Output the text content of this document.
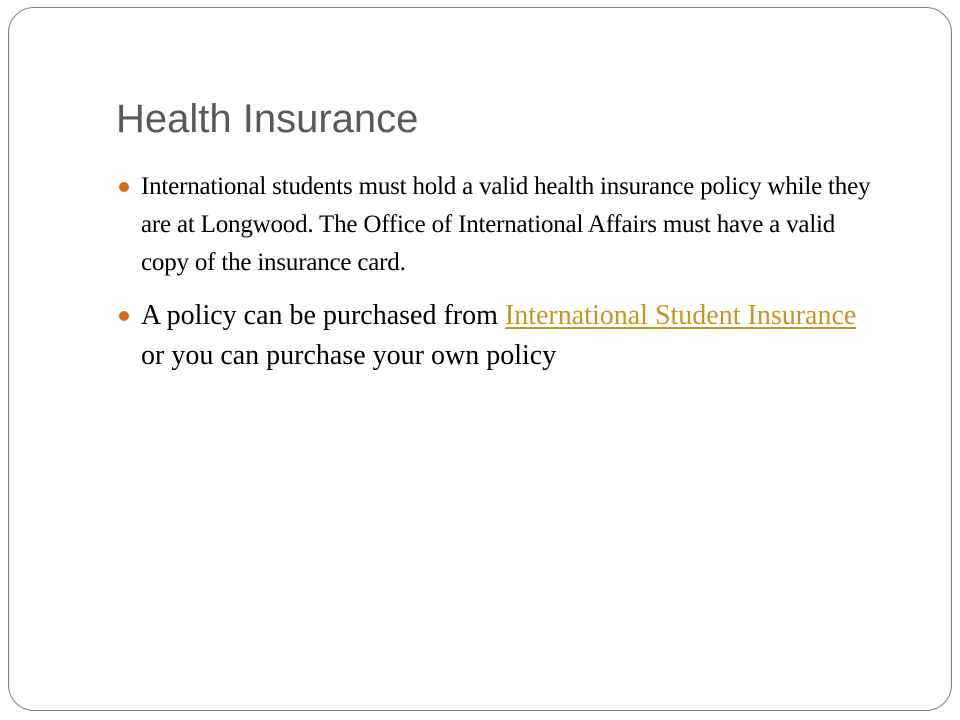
Health Insurance
International students must hold a valid health insurance policy while they are at Longwood. The Office of International Affairs must have a valid copy of the insurance card.
A policy can be purchased from International Student Insurance or you can purchase your own policy
